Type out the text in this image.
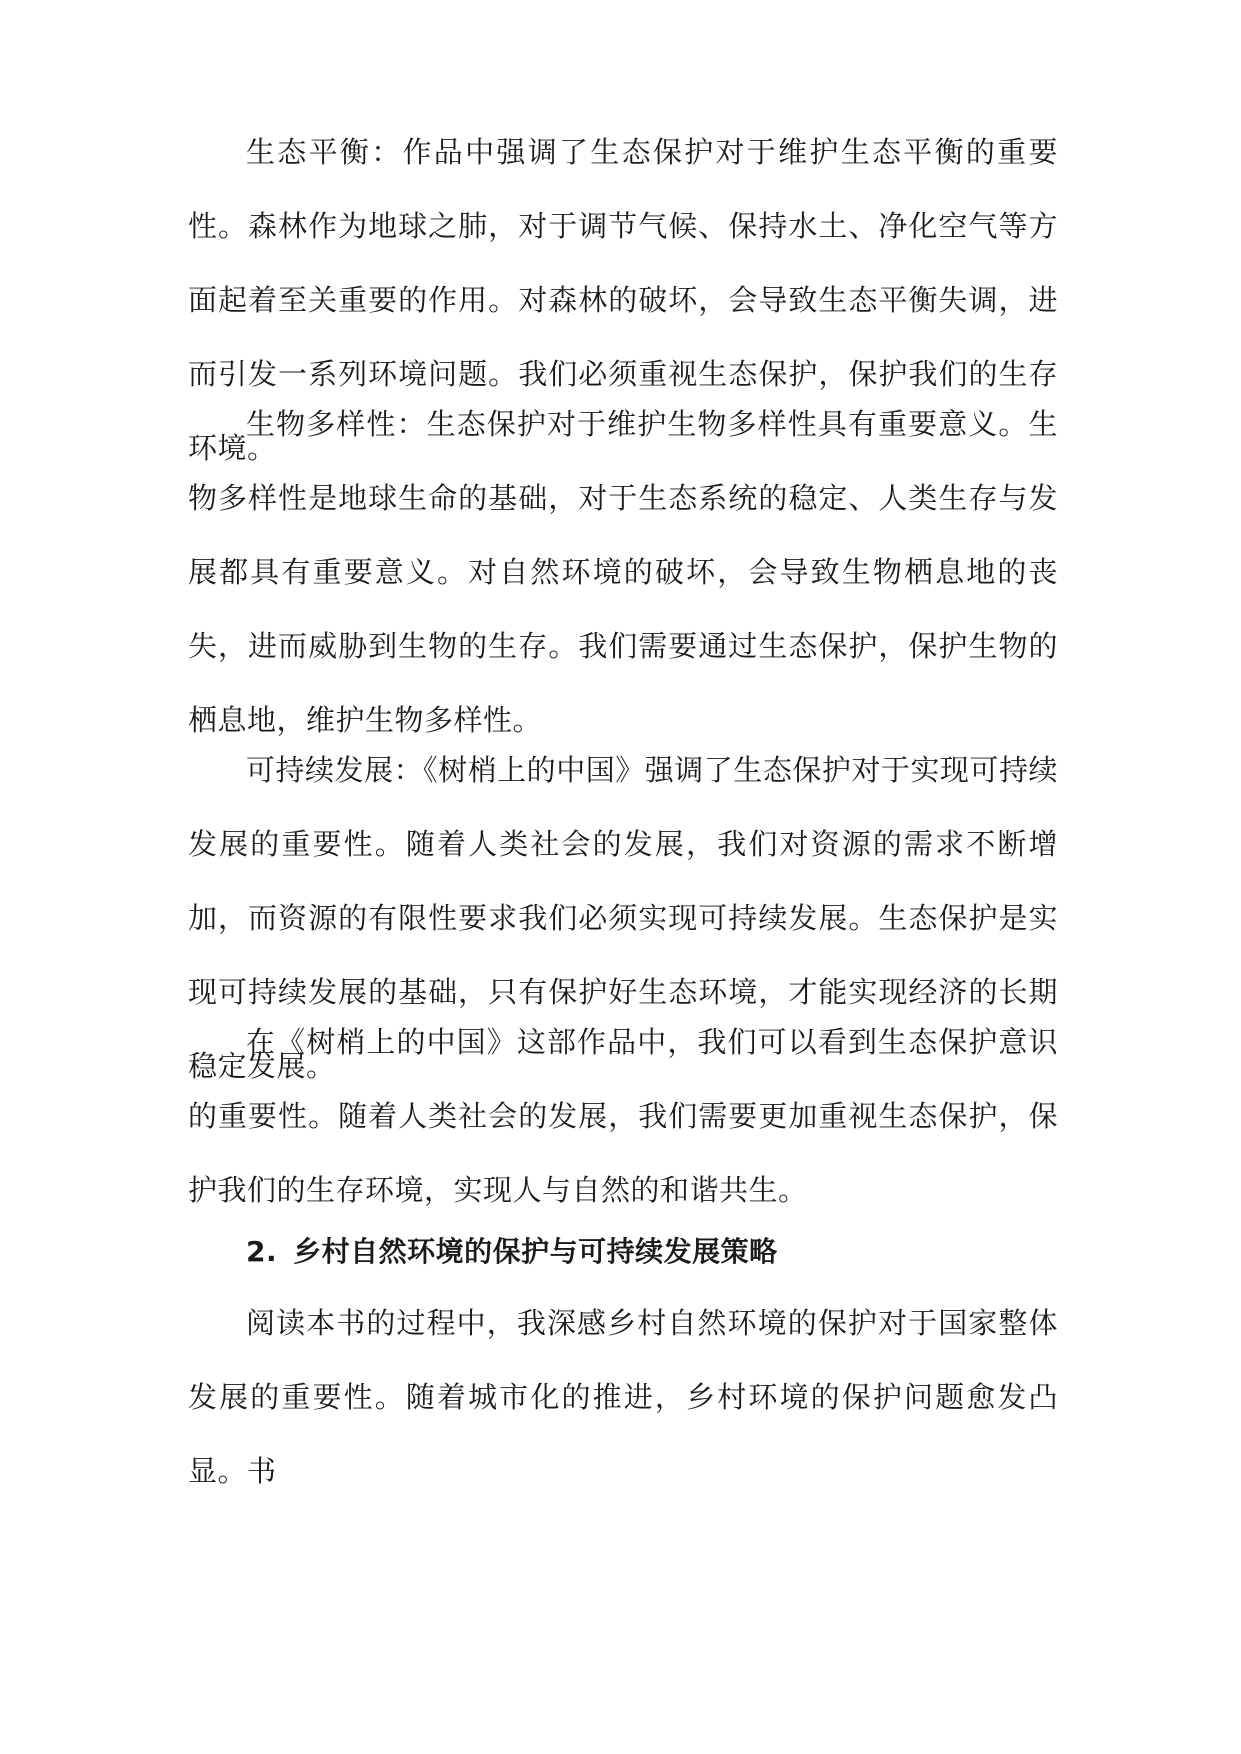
生态平衡：作品中强调了生态保护对于维护生态平衡的重要性。森林作为地球之肺，对于调节气候、保持水土、净化空气等方面起着至关重要的作用。对森林的破坏，会导致生态平衡失调，进而引发一系列环境问题。我们必须重视生态保护，保护我们的生存环境。

生物多样性：生态保护对于维护生物多样性具有重要意义。生物多样性是地球生命的基础，对于生态系统的稳定、人类生存与发展都具有重要意义。对自然环境的破坏，会导致生物栖息地的丧失，进而威胁到生物的生存。我们需要通过生态保护，保护生物的栖息地，维护生物多样性。

可持续发展：《树梢上的中国》强调了生态保护对于实现可持续发展的重要性。随着人类社会的发展，我们对资源的需求不断增加，而资源的有限性要求我们必须实现可持续发展。生态保护是实现可持续发展的基础，只有保护好生态环境，才能实现经济的长期稳定发展。

在《树梢上的中国》这部作品中，我们可以看到生态保护意识的重要性。随着人类社会的发展，我们需要更加重视生态保护，保护我们的生存环境，实现人与自然的和谐共生。

2. 乡村自然环境的保护与可持续发展策略

阅读本书的过程中，我深感乡村自然环境的保护对于国家整体发展的重要性。随着城市化的推进，乡村环境的保护问题愈发凸显。书
